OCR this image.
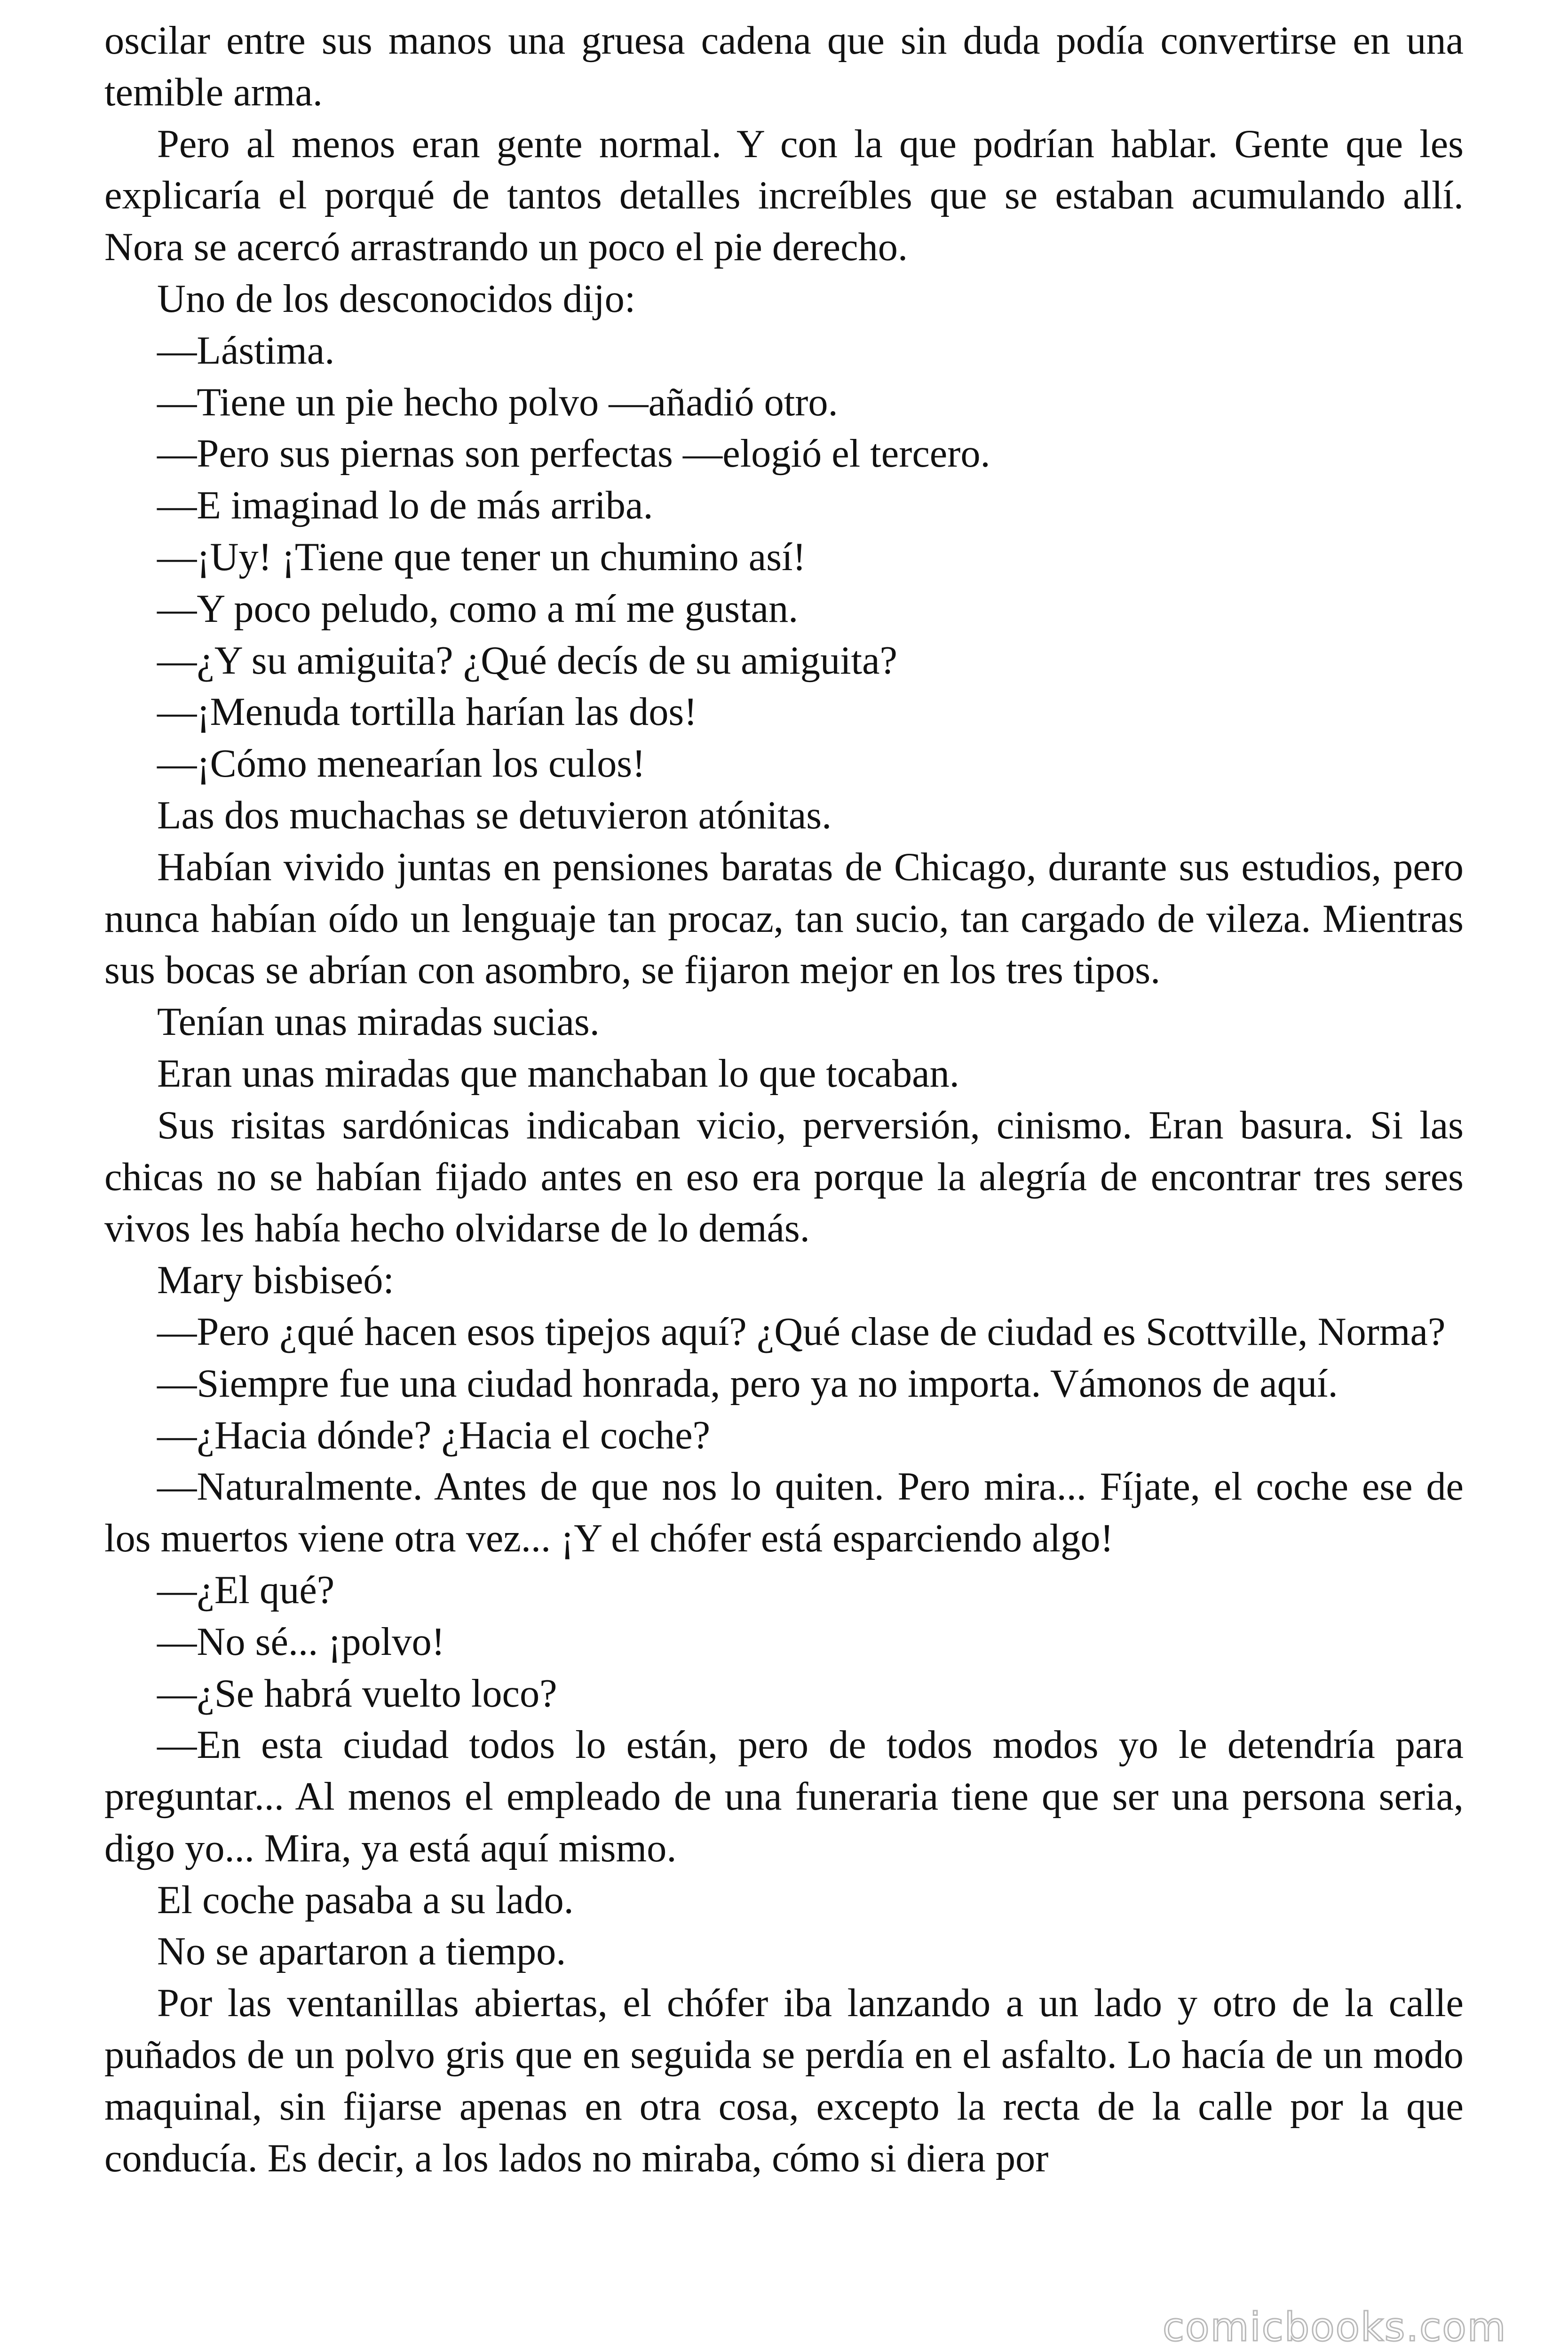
oscilar entre sus manos una gruesa cadena que sin duda podía convertirse en una temible arma.

Pero al menos eran gente normal. Y con la que podrían hablar. Gente que les explicaría el porqué de tantos detalles increíbles que se estaban acumulando allí. Nora se acercó arrastrando un poco el pie derecho.

Uno de los desconocidos dijo:

—Lástima.

—Tiene un pie hecho polvo —añadió otro.

—Pero sus piernas son perfectas —elogió el tercero.

—E imaginad lo de más arriba.

—¡Uy! ¡Tiene que tener un chumino así!

—Y poco peludo, como a mí me gustan.

—¿Y su amiguita? ¿Qué decís de su amiguita?

—¡Menuda tortilla harían las dos!

—¡Cómo menearían los culos!

Las dos muchachas se detuvieron atónitas.

Habían vivido juntas en pensiones baratas de Chicago, durante sus estudios, pero nunca habían oído un lenguaje tan procaz, tan sucio, tan cargado de vileza. Mientras sus bocas se abrían con asombro, se fijaron mejor en los tres tipos.

Tenían unas miradas sucias.

Eran unas miradas que manchaban lo que tocaban.

Sus risitas sardónicas indicaban vicio, perversión, cinismo. Eran basura. Si las chicas no se habían fijado antes en eso era porque la alegría de encontrar tres seres vivos les había hecho olvidarse de lo demás.

Mary bisbiseó:

—Pero ¿qué hacen esos tipejos aquí? ¿Qué clase de ciudad es Scottville, Norma?

—Siempre fue una ciudad honrada, pero ya no importa. Vámonos de aquí.

—¿Hacia dónde? ¿Hacia el coche?

—Naturalmente. Antes de que nos lo quiten. Pero mira... Fíjate, el coche ese de los muertos viene otra vez... ¡Y el chófer está esparciendo algo!

—¿El qué?

—No sé... ¡polvo!

—¿Se habrá vuelto loco?

—En esta ciudad todos lo están, pero de todos modos yo le detendría para preguntar... Al menos el empleado de una funeraria tiene que ser una persona seria, digo yo... Mira, ya está aquí mismo.

El coche pasaba a su lado.

No se apartaron a tiempo.

Por las ventanillas abiertas, el chófer iba lanzando a un lado y otro de la calle puñados de un polvo gris que en seguida se perdía en el asfalto. Lo hacía de un modo maquinal, sin fijarse apenas en otra cosa, excepto la recta de la calle por la que conducía. Es decir, a los lados no miraba, cómo si diera por

comicbooks.com
